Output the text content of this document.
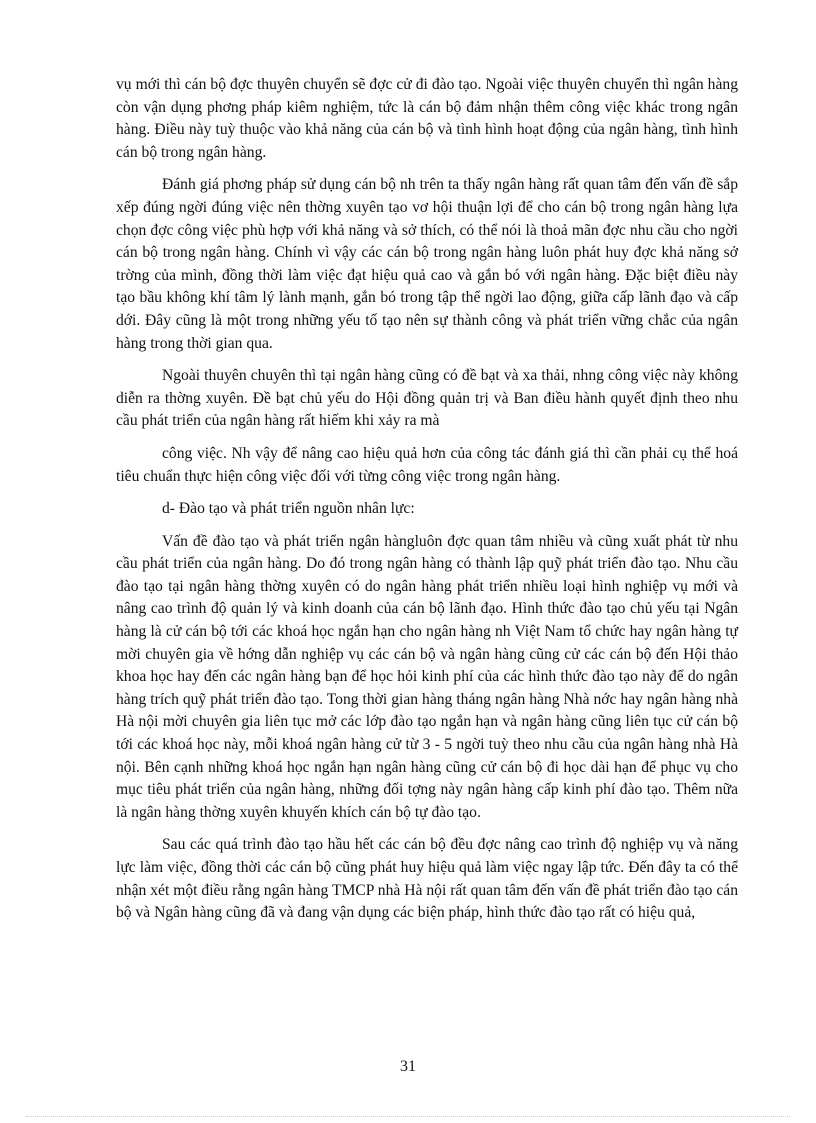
vụ mới thì cán bộ đợc thuyên chuyển sẽ đợc cử đi đào tạo. Ngoài việc thuyên chuyển thì ngân hàng còn vận dụng phơng pháp kiêm nghiệm, tức là cán bộ đảm nhận thêm công việc khác trong ngân hàng. Điều này tuỳ thuộc vào khả năng của cán bộ và tình hình hoạt động của ngân hàng, tình hình cán bộ trong ngân hàng.

Đánh giá phơng pháp sử dụng cán bộ nh trên ta thấy ngân hàng rất quan tâm đến vấn đề sắp xếp đúng ngời đúng việc nên thờng xuyên tạo vơ hội thuận lợi để cho cán bộ trong ngân hàng lựa chọn đợc công việc phù hợp với khả năng và sở thích, có thể nói là thoả mãn đợc nhu cầu cho ngời cán bộ trong ngân hàng. Chính vì vậy các cán bộ trong ngân hàng luôn phát huy đợc khả năng sở trờng của mình, đồng thời làm việc đạt hiệu quả cao và gắn bó với ngân hàng. Đặc biệt điều này tạo bầu không khí tâm lý lành mạnh, gắn bó trong tập thể ngời lao động, giữa cấp lãnh đạo và cấp dới. Đây cũng là một trong những yếu tố tạo nên sự thành công và phát triển vững chắc của ngân hàng trong thời gian qua.

Ngoài thuyên chuyên thì tại ngân hàng cũng có đề bạt và xa thải, nhng công việc này không diễn ra thờng xuyên. Đề bạt chủ yếu do Hội đồng quản trị và Ban điều hành quyết định theo nhu cầu phát triển của ngân hàng rất hiếm khi xảy ra mà

công việc. Nh vậy để nâng cao hiệu quả hơn của công tác đánh giá thì cần phải cụ thể hoá tiêu chuẩn thực hiện công việc đối với từng công việc trong ngân hàng.

d- Đào tạo và phát triển nguồn nhân lực:

Vấn đề đào tạo và phát triển ngân hàngluôn đợc quan tâm nhiều và cũng xuất phát từ nhu cầu phát triển của ngân hàng. Do đó trong ngân hàng có thành lập quỹ phát triển đào tạo. Nhu cầu đào tạo tại ngân hàng thờng xuyên có do ngân hàng phát triển nhiều loại hình nghiệp vụ mới và nâng cao trình độ quản lý và kinh doanh của cán bộ lãnh đạo. Hình thức đào tạo chủ yếu tại Ngân hàng là cử cán bộ tới các khoá học ngắn hạn cho ngân hàng nh Việt Nam tổ chức hay ngân hàng tự mời chuyên gia về hớng dẫn nghiệp vụ các cán bộ và ngân hàng cũng cử các cán bộ đến Hội thảo khoa học hay đến các ngân hàng bạn để học hỏi kinh phí của các hình thức đào tạo này để do ngân hàng trích quỹ phát triển đào tạo. Tong thời gian hàng tháng ngân hàng Nhà nớc hay ngân hàng nhà Hà nội mời chuyên gia liên tục mở các lớp đào tạo ngắn hạn và ngân hàng cũng liên tục cử cán bộ tới các khoá học này, mỗi khoá ngân hàng cử từ 3 - 5 ngời tuỳ theo nhu cầu của ngân hàng nhà Hà nội. Bên cạnh những khoá học ngắn hạn ngân hàng cũng cử cán bộ đi học dài hạn để phục vụ cho mục tiêu phát triển của ngân hàng, những đối tợng này ngân hàng cấp kinh phí đào tạo. Thêm nữa là ngân hàng thờng xuyên khuyến khích cán bộ tự đào tạo.

Sau các quá trình đào tạo hầu hết các cán bộ đều đợc nâng cao trình độ nghiệp vụ và năng lực làm việc, đồng thời các cán bộ cũng phát huy hiệu quả làm việc ngay lập tức. Đến đây ta có thể nhận xét một điều rằng ngân hàng TMCP nhà Hà nội rất quan tâm đến vấn đề phát triển đào tạo cán bộ và Ngân hàng cũng đã và đang vận dụng các biện pháp, hình thức đào tạo rất có hiệu quả,

31
